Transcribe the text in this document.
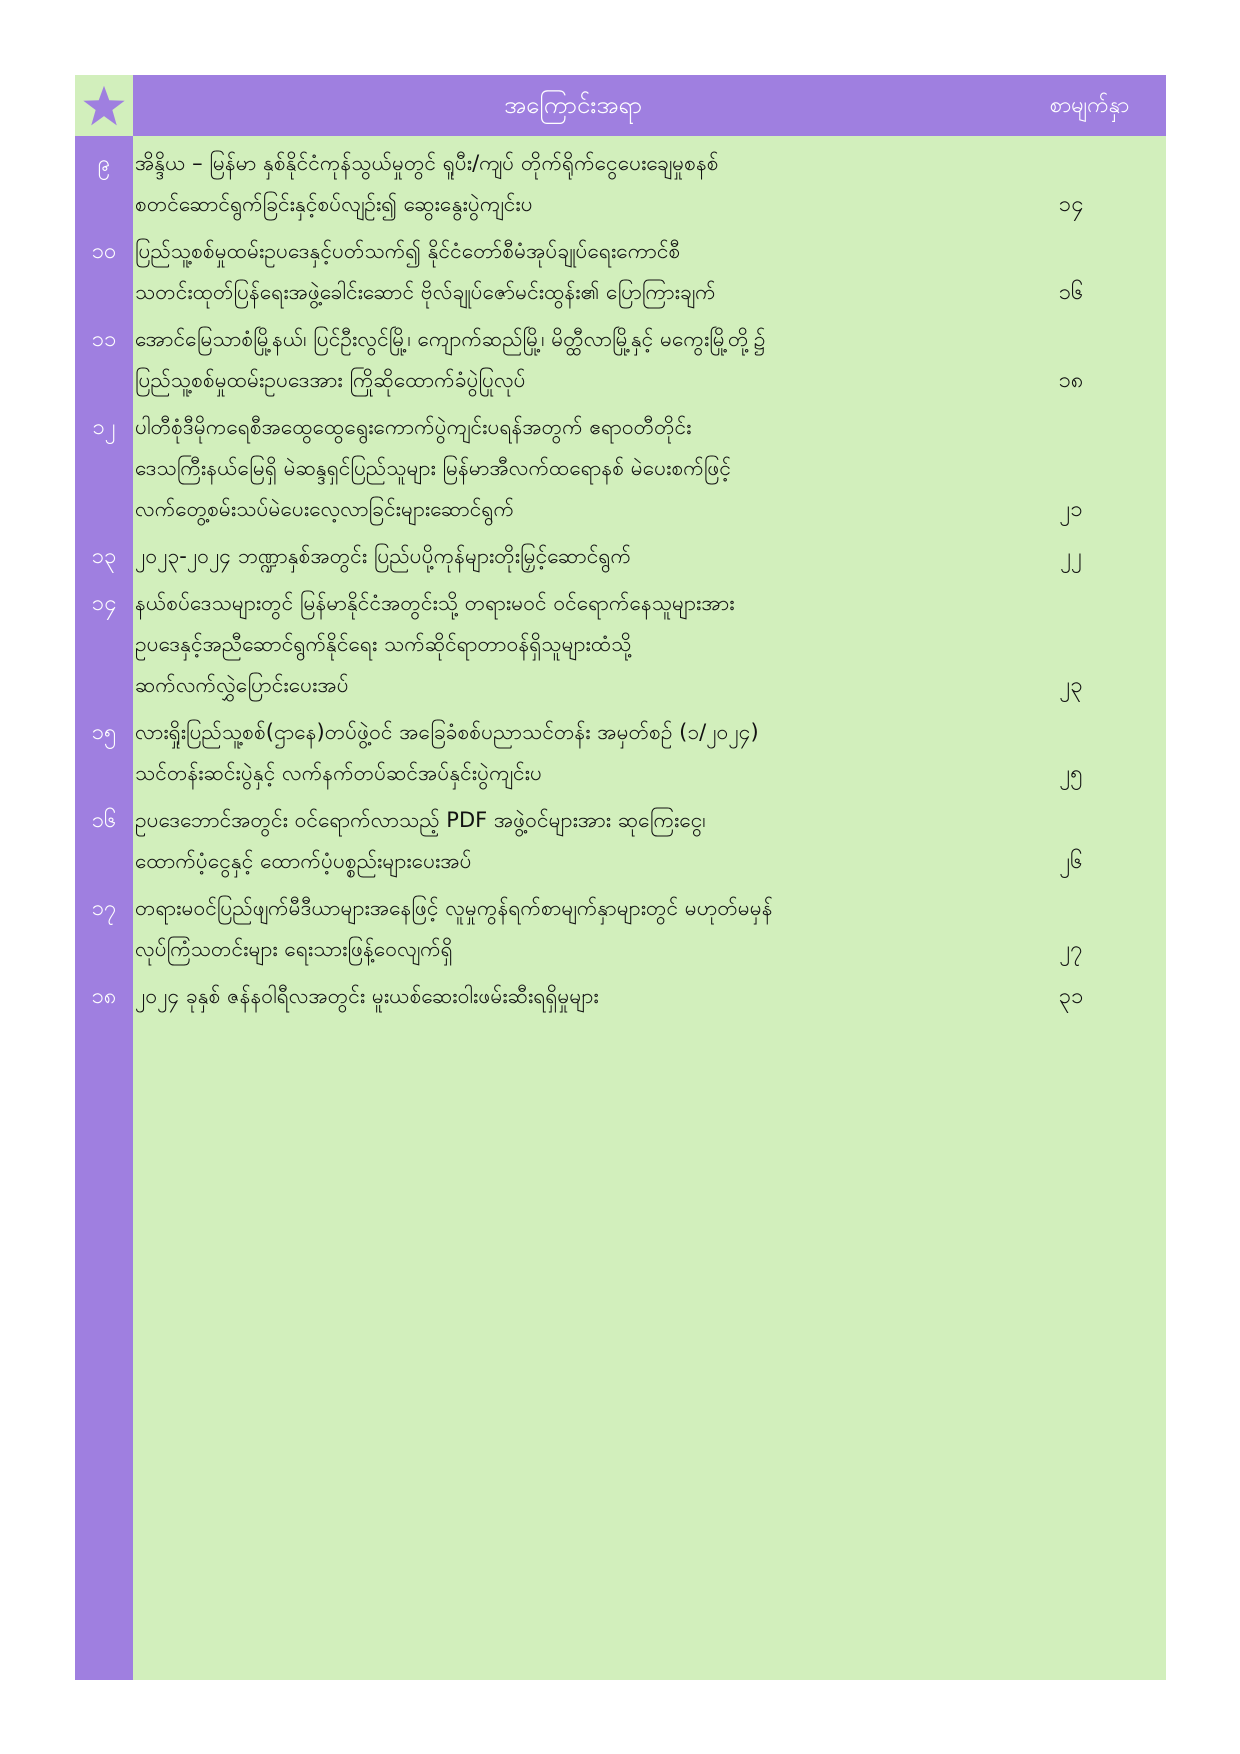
အကြောင်းအရာ	စာမျက်နှာ
၉	အိန္ဒိယ – မြန်မာ နှစ်နိုင်ငံကုန်သွယ်မှုတွင် ရူပီး/ကျပ် တိုက်ရိုက်ငွေပေးချေမှုစနစ်
စတင်ဆောင်ရွက်ခြင်းနှင့်စပ်လျဉ်း၍ ဆွေးနွေးပွဲကျင်းပ	၁၄
၁၀ ပြည်သူ့စစ်မှုထမ်းဥပဒေနှင့်ပတ်သက်၍ နိုင်ငံတော်စီမံအုပ်ချုပ်ရေးကောင်စီ
သတင်းထုတ်ပြန်ရေးအဖွဲ့ခေါင်းဆောင် ဗိုလ်ချုပ်ဇော်မင်းထွန်း၏ ပြောကြားချက်	၁၆
၁၁ အောင်မြေသာစံမြို့နယ်၊ ပြင်ဦးလွင်မြို့၊ ကျောက်ဆည်မြို့၊ မိတ္ထီလာမြို့နှင့် မကွေးမြို့တို့၌
ပြည်သူ့စစ်မှုထမ်းဥပဒေအား ကြိုဆိုထောက်ခံပွဲပြုလုပ်	၁၈
၁၂ ပါတီစုံဒီမိုကရေစီအထွေထွေရွေးကောက်ပွဲကျင်းပရန်အတွက် ဧရာဝတီတိုင်း
ဒေသကြီးနယ်မြေရှိ မဲဆန္ဒရှင်ပြည်သူများ မြန်မာအီလက်ထရောနစ် မဲပေးစက်ဖြင့်
လက်တွေ့စမ်းသပ်မဲပေးလေ့လာခြင်းများဆောင်ရွက်	၂၁
၁၃ ၂၀၂၃-၂၀၂၄ ဘဏ္ဍာနှစ်အတွင်း ပြည်ပပို့ကုန်များတိုးမြှင့်ဆောင်ရွက်	၂၂
၁၄ နယ်စပ်ဒေသများတွင် မြန်မာနိုင်ငံအတွင်းသို့ တရားမဝင် ဝင်ရောက်နေသူများအား
ဥပဒေနှင့်အညီဆောင်ရွက်နိုင်ရေး သက်ဆိုင်ရာတာဝန်ရှိသူများထံသို့
ဆက်လက်လွှဲပြောင်းပေးအပ်	၂၃
၁၅ လားရှိုးပြည်သူ့စစ်(ဌာနေ)တပ်ဖွဲ့ဝင် အခြေခံစစ်ပညာသင်တန်း အမှတ်စဉ် (၁/၂၀၂၄)
သင်တန်းဆင်းပွဲနှင့် လက်နက်တပ်ဆင်အပ်နှင်းပွဲကျင်းပ	၂၅
၁၆ ဥပဒေဘောင်အတွင်း ဝင်ရောက်လာသည့် PDF အဖွဲ့ဝင်များအား ဆုကြေးငွေ၊
ထောက်ပံ့ငွေနှင့် ထောက်ပံ့ပစ္စည်းများပေးအပ်	၂၆
၁၇ တရားမဝင်ပြည်ဖျက်မီဒီယာများအနေဖြင့် လူမှုကွန်ရက်စာမျက်နှာများတွင် မဟုတ်မမှန်
လုပ်ကြံသတင်းများ ရေးသားဖြန့်ဝေလျက်ရှိ	၂၇
၁၈ ၂၀၂၄ ခုနှစ် ဇန်နဝါရီလအတွင်း မူးယစ်ဆေးဝါးဖမ်းဆီးရရှိမှုများ	၃၁
